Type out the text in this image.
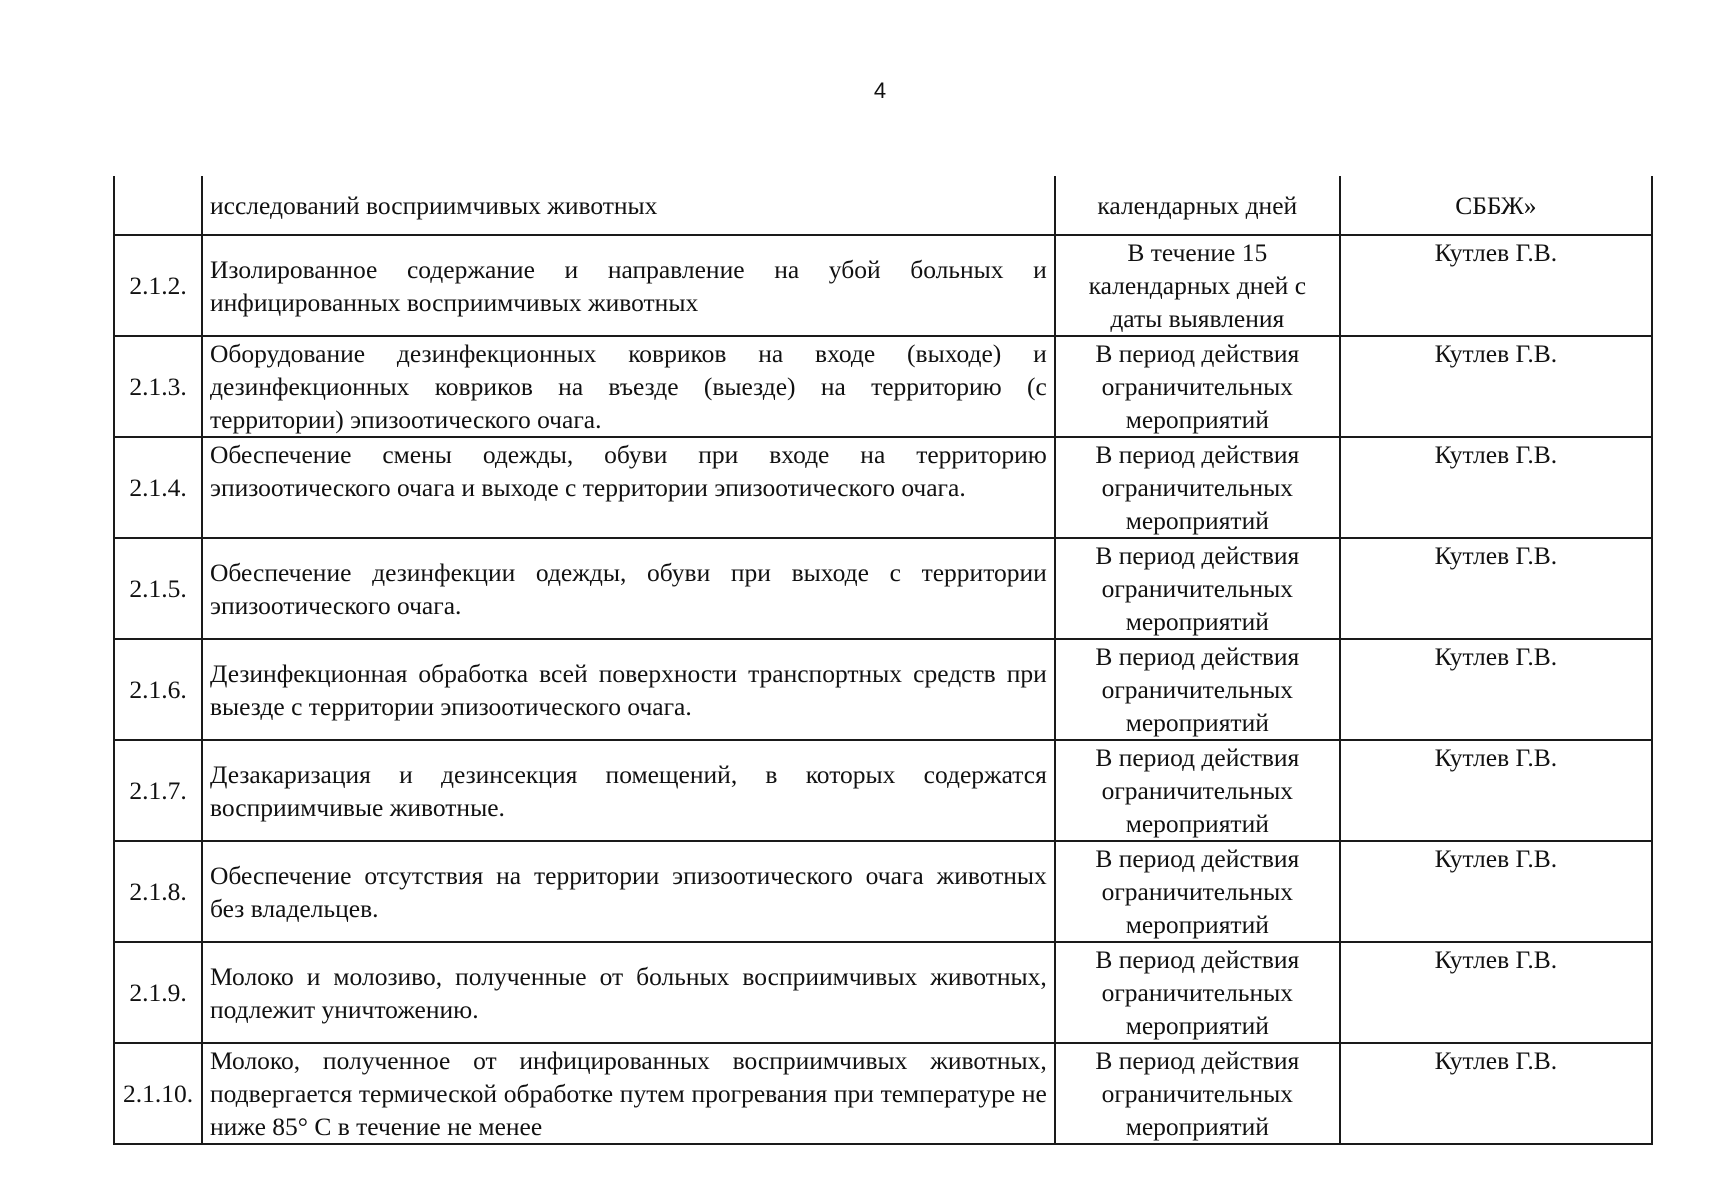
4
	исследований восприимчивых животных	календарных дней	СББЖ»
2.1.2.	Изолированное содержание и направление на убой больных и инфицированных восприимчивых животных	В течение 15 календарных дней с даты выявления	Кутлев Г.В.
2.1.3.	Оборудование дезинфекционных ковриков на входе (выходе) и дезинфекционных ковриков на въезде (выезде) на территорию (с территории) эпизоотического очага.	В период действия ограничительных мероприятий	Кутлев Г.В.
2.1.4.	Обеспечение смены одежды, обуви при входе на территорию эпизоотического очага и выходе с территории эпизоотического очага.	В период действия ограничительных мероприятий	Кутлев Г.В.
2.1.5.	Обеспечение дезинфекции одежды, обуви при выходе с территории эпизоотического очага.	В период действия ограничительных мероприятий	Кутлев Г.В.
2.1.6.	Дезинфекционная обработка всей поверхности транспортных средств при выезде с территории эпизоотического очага.	В период действия ограничительных мероприятий	Кутлев Г.В.
2.1.7.	Дезакаризация и дезинсекция помещений, в которых содержатся восприимчивые животные.	В период действия ограничительных мероприятий	Кутлев Г.В.
2.1.8.	Обеспечение отсутствия на территории эпизоотического очага животных без владельцев.	В период действия ограничительных мероприятий	Кутлев Г.В.
2.1.9.	Молоко и молозиво, полученные от больных восприимчивых животных, подлежит уничтожению.	В период действия ограничительных мероприятий	Кутлев Г.В.
2.1.10.	Молоко, полученное от инфицированных восприимчивых животных, подвергается термической обработке путем прогревания при температуре не ниже 85° С в течение не менее	В период действия ограничительных мероприятий	Кутлев Г.В.
